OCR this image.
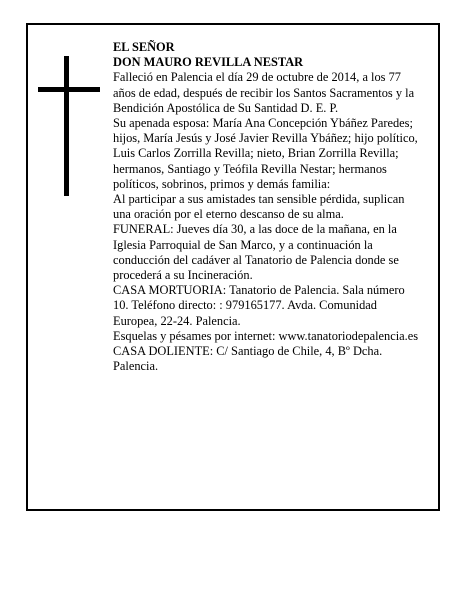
EL SEÑOR

DON MAURO REVILLA NESTAR

Falleció en Palencia el día 29 de octubre de 2014, a los 77 años de edad, después de recibir los Santos Sacramentos y la Bendición Apostólica de Su Santidad D. E. P.

Su apenada esposa: María Ana Concepción Ybáñez Paredes; hijos, María Jesús y José Javier Revilla Ybáñez; hijo político, Luis Carlos Zorrilla Revilla; nieto, Brian Zorrilla Revilla; hermanos, Santiago y Teófila Revilla Nestar; hermanos políticos, sobrinos, primos y demás familia:

Al participar a sus amistades tan sensible pérdida, suplican una oración por el eterno descanso de su alma.

FUNERAL: Jueves día 30, a las doce de la mañana, en la Iglesia Parroquial de San Marco, y a continuación la conducción del cadáver al Tanatorio de Palencia donde se procederá a su Incineración.

CASA MORTUORIA: Tanatorio de Palencia. Sala número 10. Teléfono directo: : 979165177. Avda. Comunidad Europea, 22-24. Palencia.

Esquelas y pésames por internet: www.tanatoriodepalencia.es

CASA DOLIENTE: C/ Santiago de Chile, 4, Bº Dcha. Palencia.
